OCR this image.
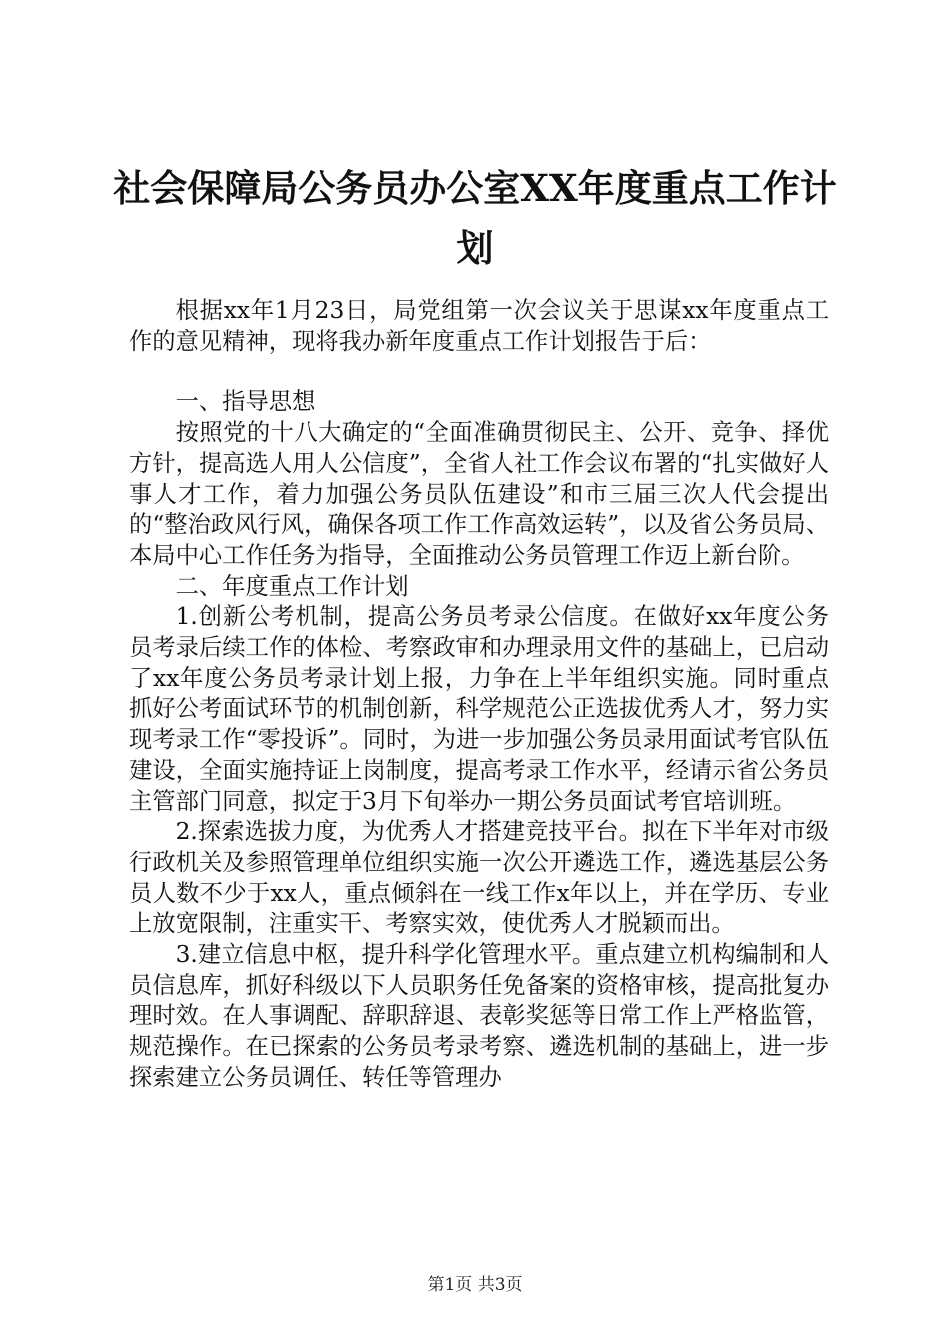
社会保障局公务员办公室XX年度重点工作计划

根据xx年1月23日，局党组第一次会议关于思谋xx年度重点工作的意见精神，现将我办新年度重点工作计划报告于后：

一、指导思想

按照党的十八大确定的“全面准确贯彻民主、公开、竞争、择优方针，提高选人用人公信度”，全省人社工作会议布署的“扎实做好人事人才工作，着力加强公务员队伍建设”和市三届三次人代会提出的“整治政风行风，确保各项工作工作高效运转”，以及省公务员局、本局中心工作任务为指导，全面推动公务员管理工作迈上新台阶。

二、年度重点工作计划

1.创新公考机制，提高公务员考录公信度。在做好xx年度公务员考录后续工作的体检、考察政审和办理录用文件的基础上，已启动了xx年度公务员考录计划上报，力争在上半年组织实施。同时重点抓好公考面试环节的机制创新，科学规范公正选拔优秀人才，努力实现考录工作“零投诉”。同时，为进一步加强公务员录用面试考官队伍建设，全面实施持证上岗制度，提高考录工作水平，经请示省公务员主管部门同意，拟定于3月下旬举办一期公务员面试考官培训班。

2.探索选拔力度，为优秀人才搭建竞技平台。拟在下半年对市级行政机关及参照管理单位组织实施一次公开遴选工作，遴选基层公务员人数不少于xx人，重点倾斜在一线工作x年以上，并在学历、专业上放宽限制，注重实干、考察实效，使优秀人才脱颖而出。

3.建立信息中枢，提升科学化管理水平。重点建立机构编制和人员信息库，抓好科级以下人员职务任免备案的资格审核，提高批复办理时效。在人事调配、辞职辞退、表彰奖惩等日常工作上严格监管，规范操作。在已探索的公务员考录考察、遴选机制的基础上，进一步探索建立公务员调任、转任等管理办

第1页 共3页
